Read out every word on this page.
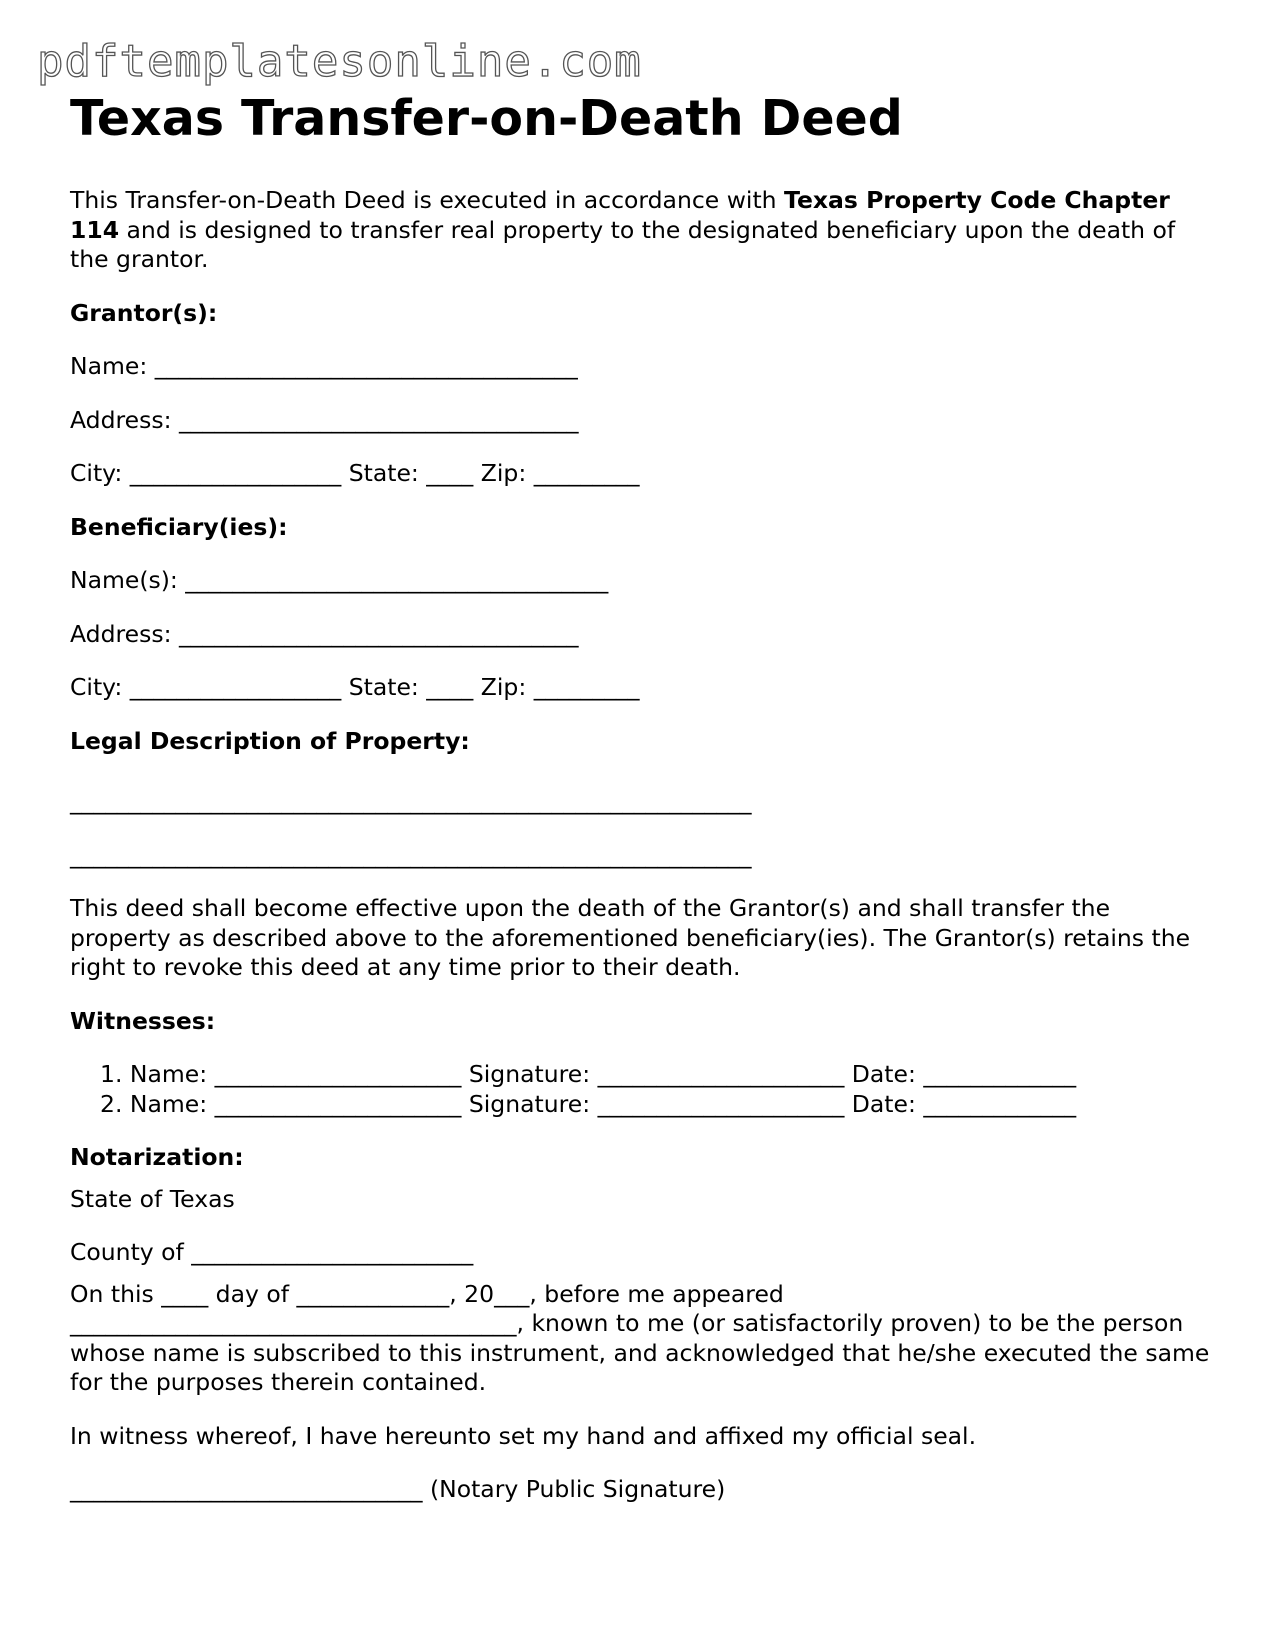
pdftemplatesonline.com
Texas Transfer-on-Death Deed

This Transfer-on-Death Deed is executed in accordance with Texas Property Code Chapter 114 and is designed to transfer real property to the designated beneficiary upon the death of the grantor.

Grantor(s):

Name: ____________________________________

Address: __________________________________

City: __________________ State: ____ Zip: _________

Beneficiary(ies):

Name(s): ____________________________________

Address: __________________________________

City: __________________ State: ____ Zip: _________

Legal Description of Property:

__________________________________________________________

__________________________________________________________

This deed shall become effective upon the death of the Grantor(s) and shall transfer the property as described above to the aforementioned beneficiary(ies). The Grantor(s) retains the right to revoke this deed at any time prior to their death.

Witnesses:

1. Name: _____________________ Signature: _____________________ Date: _____________
2. Name: _____________________ Signature: _____________________ Date: _____________

Notarization:

State of Texas

County of ________________________

On this ____ day of _____________, 20___, before me appeared ______________________________________, known to me (or satisfactorily proven) to be the person whose name is subscribed to this instrument, and acknowledged that he/she executed the same for the purposes therein contained.

In witness whereof, I have hereunto set my hand and affixed my official seal.

______________________________ (Notary Public Signature)
